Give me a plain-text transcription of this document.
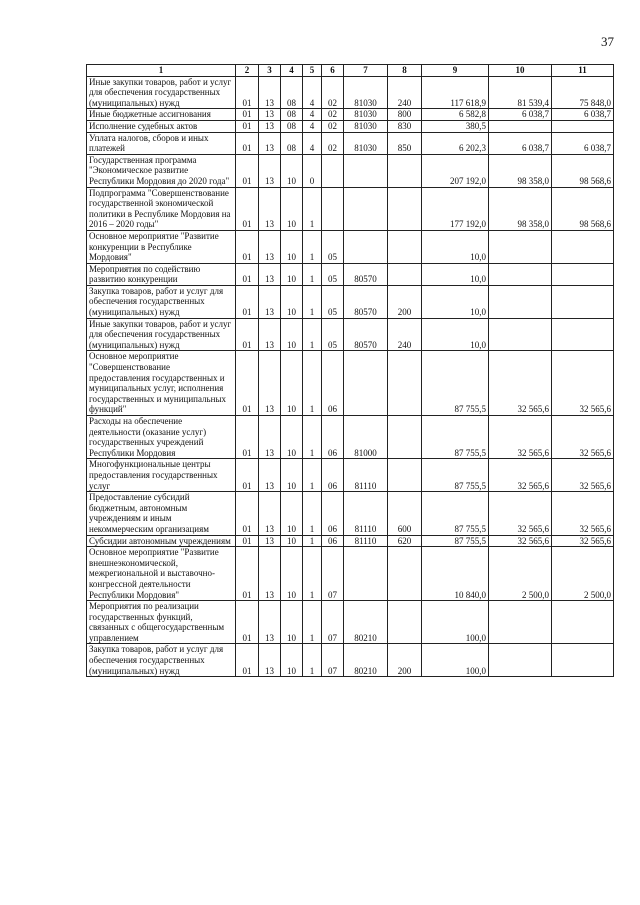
37
1	2	3	4	5	6	7	8	9	10	11
Иные закупки товаров, работ и услуг для обеспечения государственных (муниципальных) нужд	01	13	08	4	02	81030	240	117 618,9	81 539,4	75 848,0
Иные бюджетные ассигнования	01	13	08	4	02	81030	800	6 582,8	6 038,7	6 038,7
Исполнение судебных актов	01	13	08	4	02	81030	830	380,5		
Уплата налогов, сборов и иных платежей	01	13	08	4	02	81030	850	6 202,3	6 038,7	6 038,7
Государственная программа "Экономическое развитие Республики Мордовия до 2020 года"	01	13	10	0				207 192,0	98 358,0	98 568,6
Подпрограмма "Совершенствование государственной экономической политики в Республике Мордовия на 2016 – 2020 годы"	01	13	10	1				177 192,0	98 358,0	98 568,6
Основное мероприятие "Развитие конкуренции в Республике Мордовия"	01	13	10	1	05			10,0		
Мероприятия по содействию развитию конкуренции	01	13	10	1	05	80570		10,0		
Закупка товаров, работ и услуг для обеспечения государственных (муниципальных) нужд	01	13	10	1	05	80570	200	10,0		
Иные закупки товаров, работ и услуг для обеспечения государственных (муниципальных) нужд	01	13	10	1	05	80570	240	10,0		
Основное мероприятие "Совершенствование предоставления государственных и муниципальных услуг, исполнения государственных и муниципальных функций"	01	13	10	1	06			87 755,5	32 565,6	32 565,6
Расходы на обеспечение деятельности (оказание услуг) государственных учреждений Республики Мордовия	01	13	10	1	06	81000		87 755,5	32 565,6	32 565,6
Многофункциональные центры предоставления государственных услуг	01	13	10	1	06	81110		87 755,5	32 565,6	32 565,6
Предоставление субсидий бюджетным, автономным учреждениям и иным некоммерческим организациям	01	13	10	1	06	81110	600	87 755,5	32 565,6	32 565,6
Субсидии автономным учреждениям	01	13	10	1	06	81110	620	87 755,5	32 565,6	32 565,6
Основное мероприятие "Развитие внешнеэкономической, межрегиональной и выставочно-конгрессной деятельности Республики Мордовия"	01	13	10	1	07			10 840,0	2 500,0	2 500,0
Мероприятия по реализации государственных функций, связанных с общегосударственным управлением	01	13	10	1	07	80210		100,0		
Закупка товаров, работ и услуг для обеспечения государственных (муниципальных) нужд	01	13	10	1	07	80210	200	100,0		
